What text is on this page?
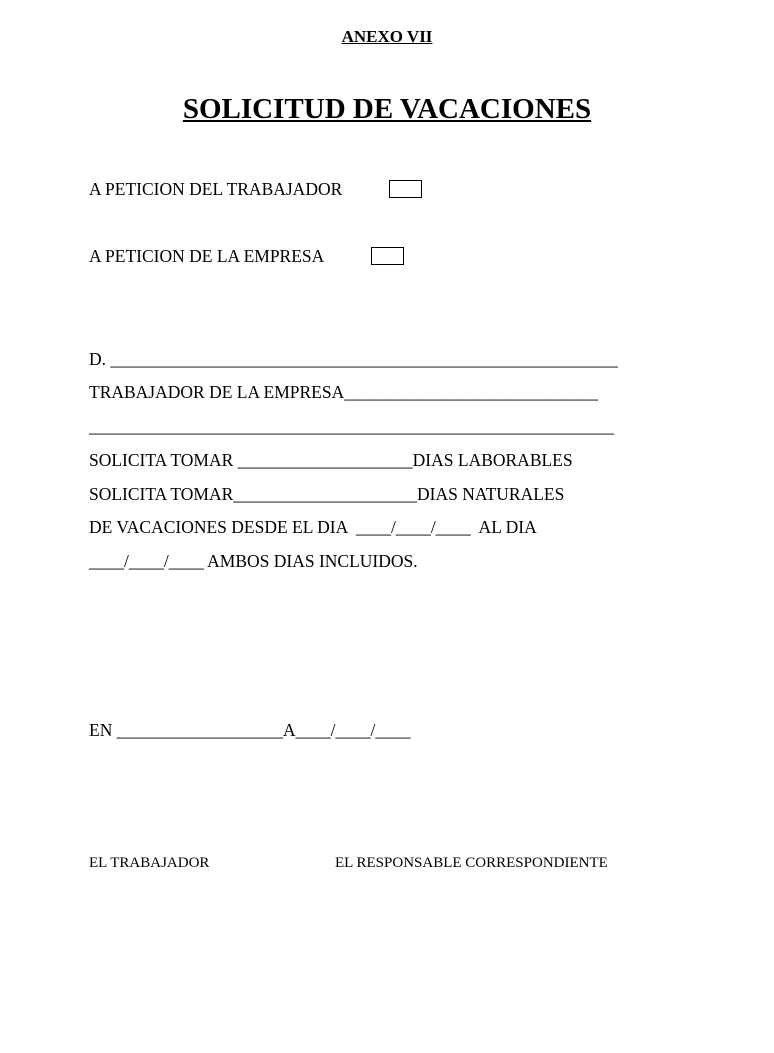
ANEXO VII
SOLICITUD DE VACACIONES
A PETICION DEL TRABAJADOR
A PETICION DE LA EMPRESA
D. __________________________________________________________
TRABAJADOR DE LA EMPRESA_____________________________
____________________________________________________________
SOLICITA TOMAR ____________________DIAS LABORABLES
SOLICITA TOMAR_____________________DIAS NATURALES
DE VACACIONES DESDE EL DIA  ____/____/____  AL DIA
____/____/____ AMBOS DIAS INCLUIDOS.
EN ___________________A____/____/____
EL TRABAJADOR	EL RESPONSABLE CORRESPONDIENTE
